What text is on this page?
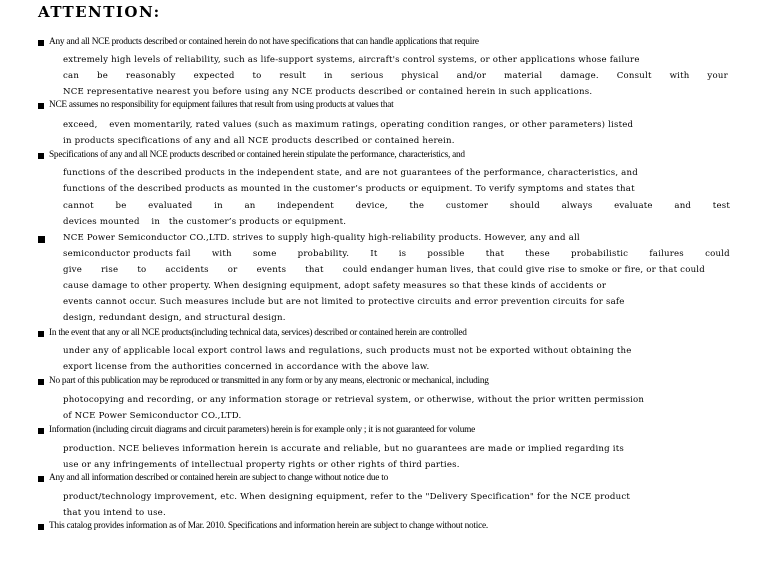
ATTENTION:
Any and all NCE products described or contained herein do not have specifications that can handle applications that require
extremely high levels of reliability, such as life-support systems, aircraft's control systems, or other applications whose failure
can be reasonably expected to result in serious physical and/or material damage. Consult with your
NCE representative nearest you before using any NCE products described or contained herein in such applications.
NCE assumes no responsibility for equipment failures that result from using products at values that
exceed,    even momentarily, rated values (such as maximum ratings, operating condition ranges, or other parameters) listed
in products specifications of any and all NCE products described or contained herein.
Specifications of any and all NCE products described or contained herein stipulate the performance, characteristics, and
functions of the described products in the independent state, and are not guarantees of the performance, characteristics, and
functions of the described products as mounted in the customer’s products or equipment. To verify symptoms and states that
cannot	be	evaluated	in	an	independent	device,	the	customer	should	always	evaluate	and	test
devices mounted    in   the customer’s products or equipment.
NCE Power Semiconductor CO.,LTD. strives to supply high-quality high-reliability products. However, any and all
semiconductor products fail with some probability. It is possible that these probabilistic failures could
give rise to accidents or events that could endanger human lives, that could give rise to smoke or fire, or that could
cause damage to other property. When designing equipment, adopt safety measures so that these kinds of accidents or
events cannot occur. Such measures include but are not limited to protective circuits and error prevention circuits for safe
design, redundant design, and structural design.
In the event that any or all NCE products(including technical data, services) described or contained herein are controlled
under any of applicable local export control laws and regulations, such products must not be exported without obtaining the
export license from the authorities concerned in accordance with the above law.
No part of this publication may be reproduced or transmitted in any form or by any means, electronic or mechanical, including
photocopying and recording, or any information storage or retrieval system, or otherwise, without the prior written permission
of NCE Power Semiconductor CO.,LTD.
Information (including circuit diagrams and circuit parameters) herein is for example only ; it is not guaranteed for volume
production. NCE believes information herein is accurate and reliable, but no guarantees are made or implied regarding its
use or any infringements of intellectual property rights or other rights of third parties.
Any and all information described or contained herein are subject to change without notice due to
product/technology improvement, etc. When designing equipment, refer to the "Delivery Specification" for the NCE product
that you intend to use.
This catalog provides information as of Mar. 2010. Specifications and information herein are subject to change without notice.
